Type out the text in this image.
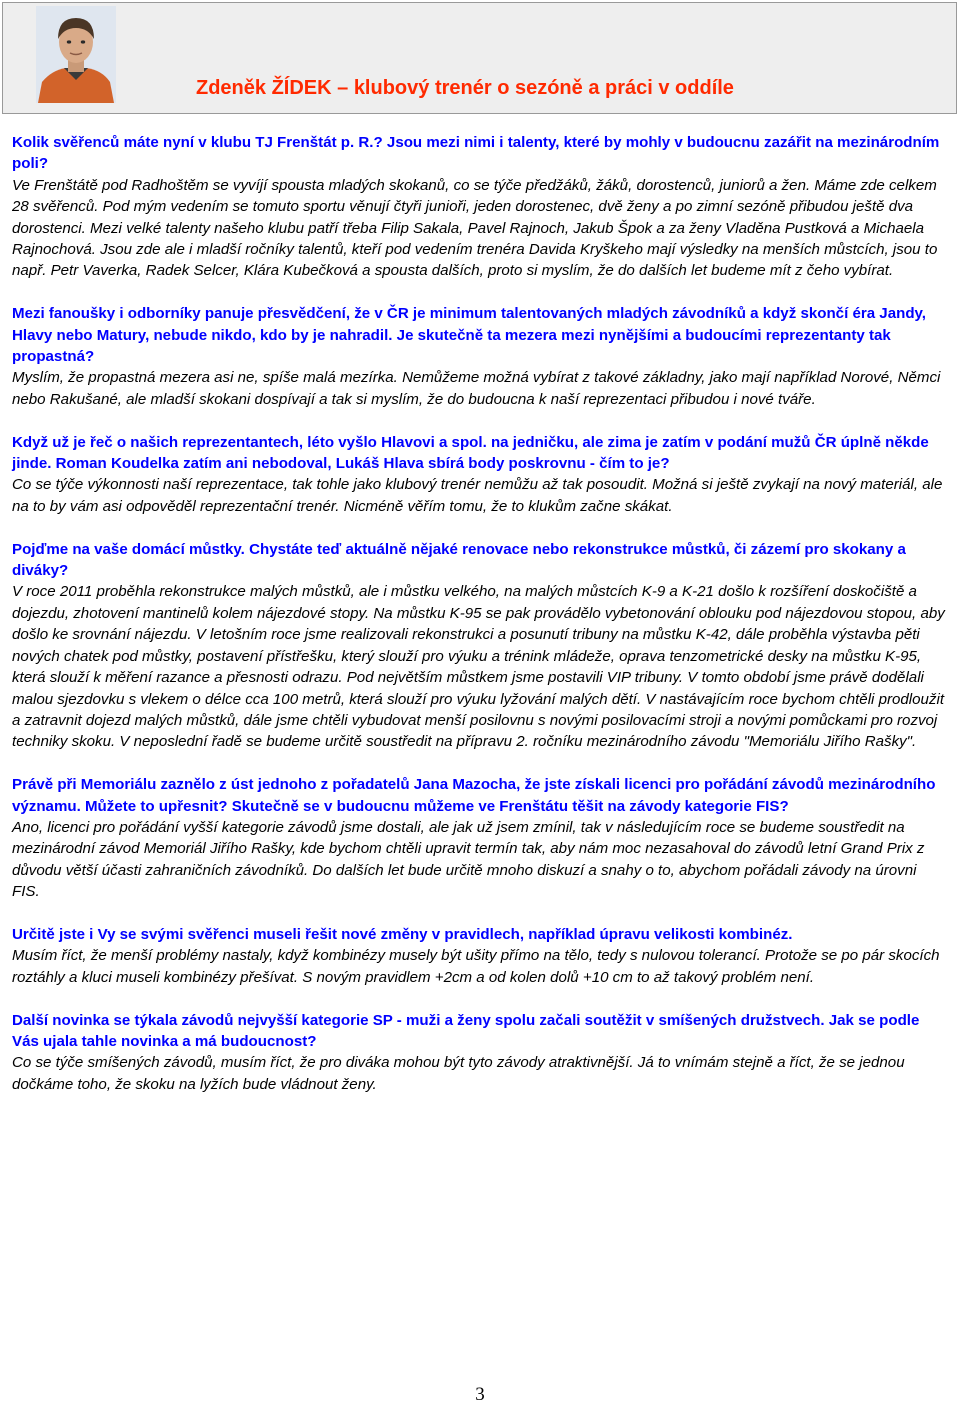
Zdeněk ŽÍDEK – klubový trenér o sezóně a práci v oddíle
Kolik svěřenců máte nyní v klubu TJ Frenštát p. R.? Jsou mezi nimi i talenty, které by mohly v budoucnu zazářit na mezinárodním poli?
Ve Frenštátě pod Radhoštěm se vyvíjí spousta mladých skokanů, co se týče předžáků, žáků, dorostenců, juniorů a žen. Máme zde celkem 28 svěřenců. Pod mým vedením se tomuto sportu věnují čtyři junioři, jeden dorostenec, dvě ženy a po zimní sezóně přibudou ještě dva dorostenci. Mezi velké talenty našeho klubu patří třeba Filip Sakala, Pavel Rajnoch, Jakub Špok a za ženy Vladěna Pustková a Michaela Rajnochová. Jsou zde ale i mladší ročníky talentů, kteří pod vedením trenéra Davida Kryškeho mají výsledky na menších můstcích, jsou to např. Petr Vaverka, Radek Selcer, Klára Kubečková a spousta dalších, proto si myslím, že do dalších let budeme mít z čeho vybírat.
Mezi fanoušky i odborníky panuje přesvědčení, že v ČR je minimum talentovaných mladých závodníků a když skončí éra Jandy, Hlavy nebo Matury, nebude nikdo, kdo by je nahradil. Je skutečně ta mezera mezi nynějšími a budoucími reprezentanty tak propastná?
Myslím, že propastná mezera asi ne, spíše malá mezírka. Nemůžeme možná vybírat z takové základny, jako mají například Norové, Němci nebo Rakušané, ale mladší skokani dospívají a tak si myslím, že do budoucna k naší reprezentaci přibudou i nové tváře.
Když už je řeč o našich reprezentantech, léto vyšlo Hlavovi a spol. na jedničku, ale zima je zatím v podání mužů ČR úplně někde jinde. Roman Koudelka zatím ani nebodoval, Lukáš Hlava sbírá body poskrovnu - čím to je?
Co se týče výkonnosti naší reprezentace, tak tohle jako klubový trenér nemůžu až tak posoudit. Možná si ještě zvykají na nový materiál, ale na to by vám asi odpověděl reprezentační trenér. Nicméně věřím tomu, že to klukům začne skákat.
Pojďme na vaše domácí můstky. Chystáte teď aktuálně nějaké renovace nebo rekonstrukce můstků, či zázemí pro skokany a diváky?
V roce 2011 proběhla rekonstrukce malých můstků, ale i můstku velkého, na malých můstcích K-9 a K-21 došlo k rozšíření doskočiště a dojezdu, zhotovení mantinelů kolem nájezdové stopy. Na můstku K-95 se pak provádělo vybetonování oblouku pod nájezdovou stopou, aby došlo ke srovnání nájezdu. V letošním roce jsme realizovali rekonstrukci a posunutí tribuny na můstku K-42, dále proběhla výstavba pěti nových chatek pod můstky, postavení přístřešku, který slouží pro výuku a trénink mládeže, oprava tenzometrické desky na můstku K-95, která slouží k měření razance a přesnosti odrazu. Pod největším můstkem jsme postavili VIP tribuny. V tomto období jsme právě dodělali malou sjezdovku s vlekem o délce cca 100 metrů, která slouží pro výuku lyžování malých dětí. V nastávajícím roce bychom chtěli prodloužit a zatravnit dojezd malých můstků, dále jsme chtěli vybudovat menší posilovnu s novými posilovacími stroji a novými pomůckami pro rozvoj techniky skoku. V neposlední řadě se budeme určitě soustředit na přípravu 2. ročníku mezinárodního závodu "Memoriálu Jiřího Rašky".
Právě při Memoriálu zaznělo z úst jednoho z pořadatelů Jana Mazocha, že jste získali licenci pro pořádání závodů mezinárodního významu. Můžete to upřesnit? Skutečně se v budoucnu můžeme ve Frenštátu těšit na závody kategorie FIS?
Ano, licenci pro pořádání vyšší kategorie závodů jsme dostali, ale jak už jsem zmínil, tak v následujícím roce se budeme soustředit na mezinárodní závod Memoriál Jiřího Rašky, kde bychom chtěli upravit termín tak, aby nám moc nezasahoval do závodů letní Grand Prix z důvodu větší účasti zahraničních závodníků. Do dalších let bude určitě mnoho diskuzí a snahy o to, abychom pořádali závody na úrovni FIS.
Určitě jste i Vy se svými svěřenci museli řešit nové změny v pravidlech, například úpravu velikosti kombinéz.
Musím říct, že menší problémy nastaly, když kombinézy musely být ušity přímo na tělo, tedy s nulovou tolerancí. Protože se po pár skocích roztáhly a kluci museli kombinézy přešívat. S novým pravidlem +2cm a od kolen dolů +10 cm to až takový problém není.
Další novinka se týkala závodů nejvyšší kategorie SP - muži a ženy spolu začali soutěžit v smíšených družstvech. Jak se podle Vás ujala tahle novinka a má budoucnost?
Co se týče smíšených závodů, musím říct, že pro diváka mohou být tyto závody atraktivnější. Já to vnímám stejně a říct, že se jednou dočkáme toho, že skoku na lyžích bude vládnout ženy.
3
